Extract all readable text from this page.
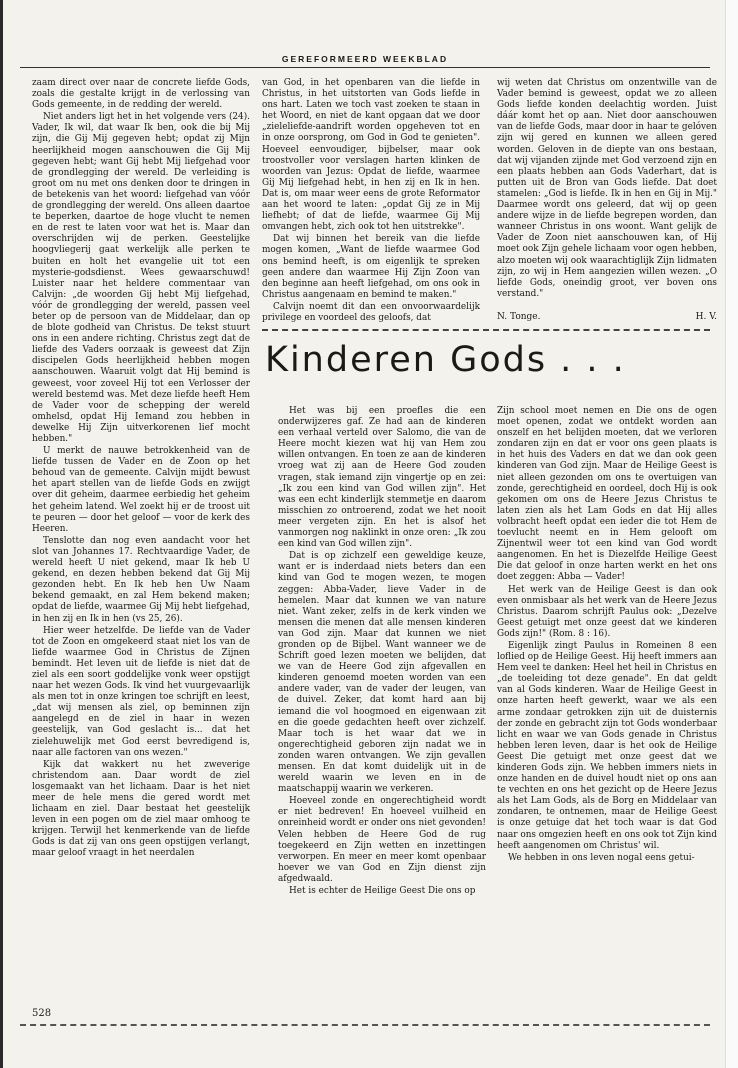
GEREFORMEERD WEEKBLAD

zaam direct over naar de concrete liefde Gods, zoals die gestalte krijgt in de verlossing van Gods gemeente, in de redding der wereld.

Niet anders ligt het in het volgende vers (24). Vader, Ik wil, dat waar Ik ben, ook die bij Mij zijn, die Gij Mij gegeven hebt; opdat zij Mijn heerlijkheid mogen aanschouwen die Gij Mij gegeven hebt; want Gij hebt Mij liefgehad voor de grondlegging der wereld. De verleiding is groot om nu met ons denken door te dringen in de betekenis van het woord: liefgehad van vóór de grondlegging der wereld. Ons alleen daartoe te beperken, daartoe de hoge vlucht te nemen en de rest te laten voor wat het is. Maar dan overschrijden wij de perken. Geestelijke hoogvliegerij gaat werkelijk alle perken te buiten en holt het evangelie uit tot een mysterie-godsdienst. Wees gewaarschuwd! Luister naar het heldere commentaar van Calvijn: „de woorden Gij hebt Mij liefgehad, vóór de grondlegging der wereld, passen veel beter op de persoon van de Middelaar, dan op de blote godheid van Christus. De tekst stuurt ons in een andere richting. Christus zegt dat de liefde des Vaders oorzaak is geweest dat Zijn discipelen Gods heerlijkheid hebben mogen aanschouwen. Waaruit volgt dat Hij bemind is geweest, voor zoveel Hij tot een Verlosser der wereld bestemd was. Met deze liefde heeft Hem de Vader voor de schepping der wereld omhelsd, opdat Hij Iemand zou hebben in dewelke Hij Zijn uitverkorenen lief mocht hebben."

U merkt de nauwe betrokkenheid van de liefde tussen de Vader en de Zoon op het behoud van de gemeente. Calvijn mijdt bewust het apart stellen van de liefde Gods en zwijgt over dit geheim, daarmee eerbiedig het geheim het geheim latend. Wel zoekt hij er de troost uit te peuren — door het geloof — voor de kerk des Heeren.

Tenslotte dan nog even aandacht voor het slot van Johannes 17. Rechtvaardige Vader, de wereld heeft U niet gekend, maar Ik heb U gekend, en dezen hebben bekend dat Gij Mij gezonden hebt. En Ik heb hen Uw Naam bekend gemaakt, en zal Hem bekend maken; opdat de liefde, waarmee Gij Mij hebt liefgehad, in hen zij en Ik in hen (vs 25, 26).

Hier weer hetzelfde. De liefde van de Vader tot de Zoon en omgekeerd staat niet los van de liefde waarmee God in Christus de Zijnen bemindt. Het leven uit de liefde is niet dat de ziel als een soort goddelijke vonk weer opstijgt naar het wezen Gods. Ik vind het vuurgevaarlijk als men tot in onze kringen toe schrijft en leest, „dat wij mensen als ziel, op beminnen zijn aangelegd en de ziel in haar in wezen geestelijk, van God geslacht is... dat het zielehuwelijk met God eerst bevredigend is, naar alle factoren van ons wezen."

Kijk dat wakkert nu het zweverige christendom aan. Daar wordt de ziel losgemaakt van het lichaam. Daar is het niet meer de hele mens die gered wordt met lichaam en ziel. Daar bestaat het geestelijk leven in een pogen om de ziel maar omhoog te krijgen. Terwijl het kenmerkende van de liefde Gods is dat zij van ons geen opstijgen verlangt, maar geloof vraagt in het neerdalen

van God, in het openbaren van die liefde in Christus, in het uitstorten van Gods liefde in ons hart. Laten we toch vast zoeken te staan in het Woord, en niet de kant opgaan dat we door „zieleliefde-aandrift worden opgeheven tot en in onze oorsprong, om God in God te genieten". Hoeveel eenvoudiger, bijbelser, maar ook troostvoller voor verslagen harten klinken de woorden van Jezus: Opdat de liefde, waarmee Gij Mij liefgehad hebt, in hen zij en Ik in hen. Dat is, om maar weer eens de grote Reformator aan het woord te laten: „opdat Gij ze in Mij liefhebt; of dat de liefde, waarmee Gij Mij omvangen hebt, zich ook tot hen uitstrekke".

Dat wij binnen het bereik van die liefde mogen komen, „Want de liefde waarmee God ons bemind heeft, is om eigenlijk te spreken geen andere dan waarmee Hij Zijn Zoon van den beginne aan heeft liefgehad, om ons ook in Christus aangenaam en bemind te maken."

Calvijn noemt dit dan een onvoorwaardelijk privilege en voordeel des geloofs, dat

wij weten dat Christus om onzentwille van de Vader bemind is geweest, opdat we zo alleen Gods liefde konden deelachtig worden. Juist dáár komt het op aan. Niet door aanschouwen van de liefde Gods, maar door in haar te gelóven zijn wij gered en kunnen we alleen gered worden. Geloven in de diepte van ons bestaan, dat wij vijanden zijnde met God verzoend zijn en een plaats hebben aan Gods Vaderhart, dat is putten uit de Bron van Gods liefde. Dat doet stamelen: „God is liefde. Ik in hen en Gij in Mij." Daarmee wordt ons geleerd, dat wij op geen andere wijze in de liefde begrepen worden, dan wanneer Christus in ons woont. Want gelijk de Vader de Zoon niet aanschouwen kan, of Hij moet ook Zijn gehele lichaam voor ogen hebben, alzo moeten wij ook waarachtiglijk Zijn lidmaten zijn, zo wij in Hem aangezien willen wezen. „O liefde Gods, oneindig groot, ver boven ons verstand."

N. Tonge.	H. V.
Kinderen Gods . . .

Het was bij een proefles die een onderwijzeres gaf. Ze had aan de kinderen een verhaal verteld over Salomo, die van de Heere mocht kiezen wat hij van Hem zou willen ontvangen. En toen ze aan de kinderen vroeg wat zij aan de Heere God zouden vragen, stak iemand zijn vingertje op en zei: „Ik zou een kind van God willen zijn". Het was een echt kinderlijk stemmetje en daarom misschien zo ontroerend, zodat we het nooit meer vergeten zijn. En het is alsof het vanmorgen nog naklinkt in onze oren: „Ik zou een kind van God willen zijn".

Dat is op zichzelf een geweldige keuze, want er is inderdaad niets beters dan een kind van God te mogen wezen, te mogen zeggen: Abba-Vader, lieve Vader in de hemelen. Maar dat kunnen we van nature niet. Want zeker, zelfs in de kerk vinden we mensen die menen dat alle mensen kinderen van God zijn. Maar dat kunnen we niet gronden op de Bijbel. Want wanneer we de Schrift goed lezen moeten we belijden, dat we van de Heere God zijn afgevallen en kinderen genoemd moeten worden van een andere vader, van de vader der leugen, van de duivel. Zeker, dat komt hard aan bij iemand die vol hoogmoed en eigenwaan zit en die goede gedachten heeft over zichzelf. Maar toch is het waar dat we in ongerechtigheid geboren zijn nadat we in zonden waren ontvangen. We zijn gevallen mensen. En dat komt duidelijk uit in de wereld waarin we leven en in de maatschappij waarin we verkeren.

Hoeveel zonde en ongerechtigheid wordt er niet bedreven! En hoeveel vuilheid en onreinheid wordt er onder ons niet gevonden! Velen hebben de Heere God de rug toegekeerd en Zijn wetten en inzettingen verworpen. En meer en meer komt openbaar hoever we van God en Zijn dienst zijn afgedwaald.

Het is echter de Heilige Geest Die ons op

Zijn school moet nemen en Die ons de ogen moet openen, zodat we ontdekt worden aan onszelf en het belijden moeten, dat we verloren zondaren zijn en dat er voor ons geen plaats is in het huis des Vaders en dat we dan ook geen kinderen van God zijn. Maar de Heilige Geest is niet alleen gezonden om ons te overtuigen van zonde, gerechtigheid en oordeel, doch Hij is ook gekomen om ons de Heere Jezus Christus te laten zien als het Lam Gods en dat Hij alles volbracht heeft opdat een ieder die tot Hem de toevlucht neemt en in Hem gelooft om Zijnentwil weer tot een kind van God wordt aangenomen. En het is Diezelfde Heilige Geest Die dat geloof in onze harten werkt en het ons doet zeggen: Abba — Vader!

Het werk van de Heilige Geest is dan ook even onmisbaar als het werk van de Heere Jezus Christus. Daarom schrijft Paulus ook: „Dezelve Geest getuigt met onze geest dat we kinderen Gods zijn!" (Rom. 8 : 16).

Eigenlijk zingt Paulus in Romeinen 8 een loflied op de Heilige Geest. Hij heeft immers aan Hem veel te danken: Heel het heil in Christus en „de toeleiding tot deze genade". En dat geldt van al Gods kinderen. Waar de Heilige Geest in onze harten heeft gewerkt, waar we als een arme zondaar getrokken zijn uit de duisternis der zonde en gebracht zijn tot Gods wonderbaar licht en waar we van Gods genade in Christus hebben leren leven, daar is het ook de Heilige Geest Die getuigt met onze geest dat we kinderen Gods zijn. We hebben immers niets in onze handen en de duivel houdt niet op ons aan te vechten en ons het gezicht op de Heere Jezus als het Lam Gods, als de Borg en Middelaar van zondaren, te ontnemen, maar de Heilige Geest is onze getuige dat het toch waar is dat God naar ons omgezien heeft en ons ook tot Zijn kind heeft aangenomen om Christus' wil.

We hebben in ons leven nogal eens getui-

528
